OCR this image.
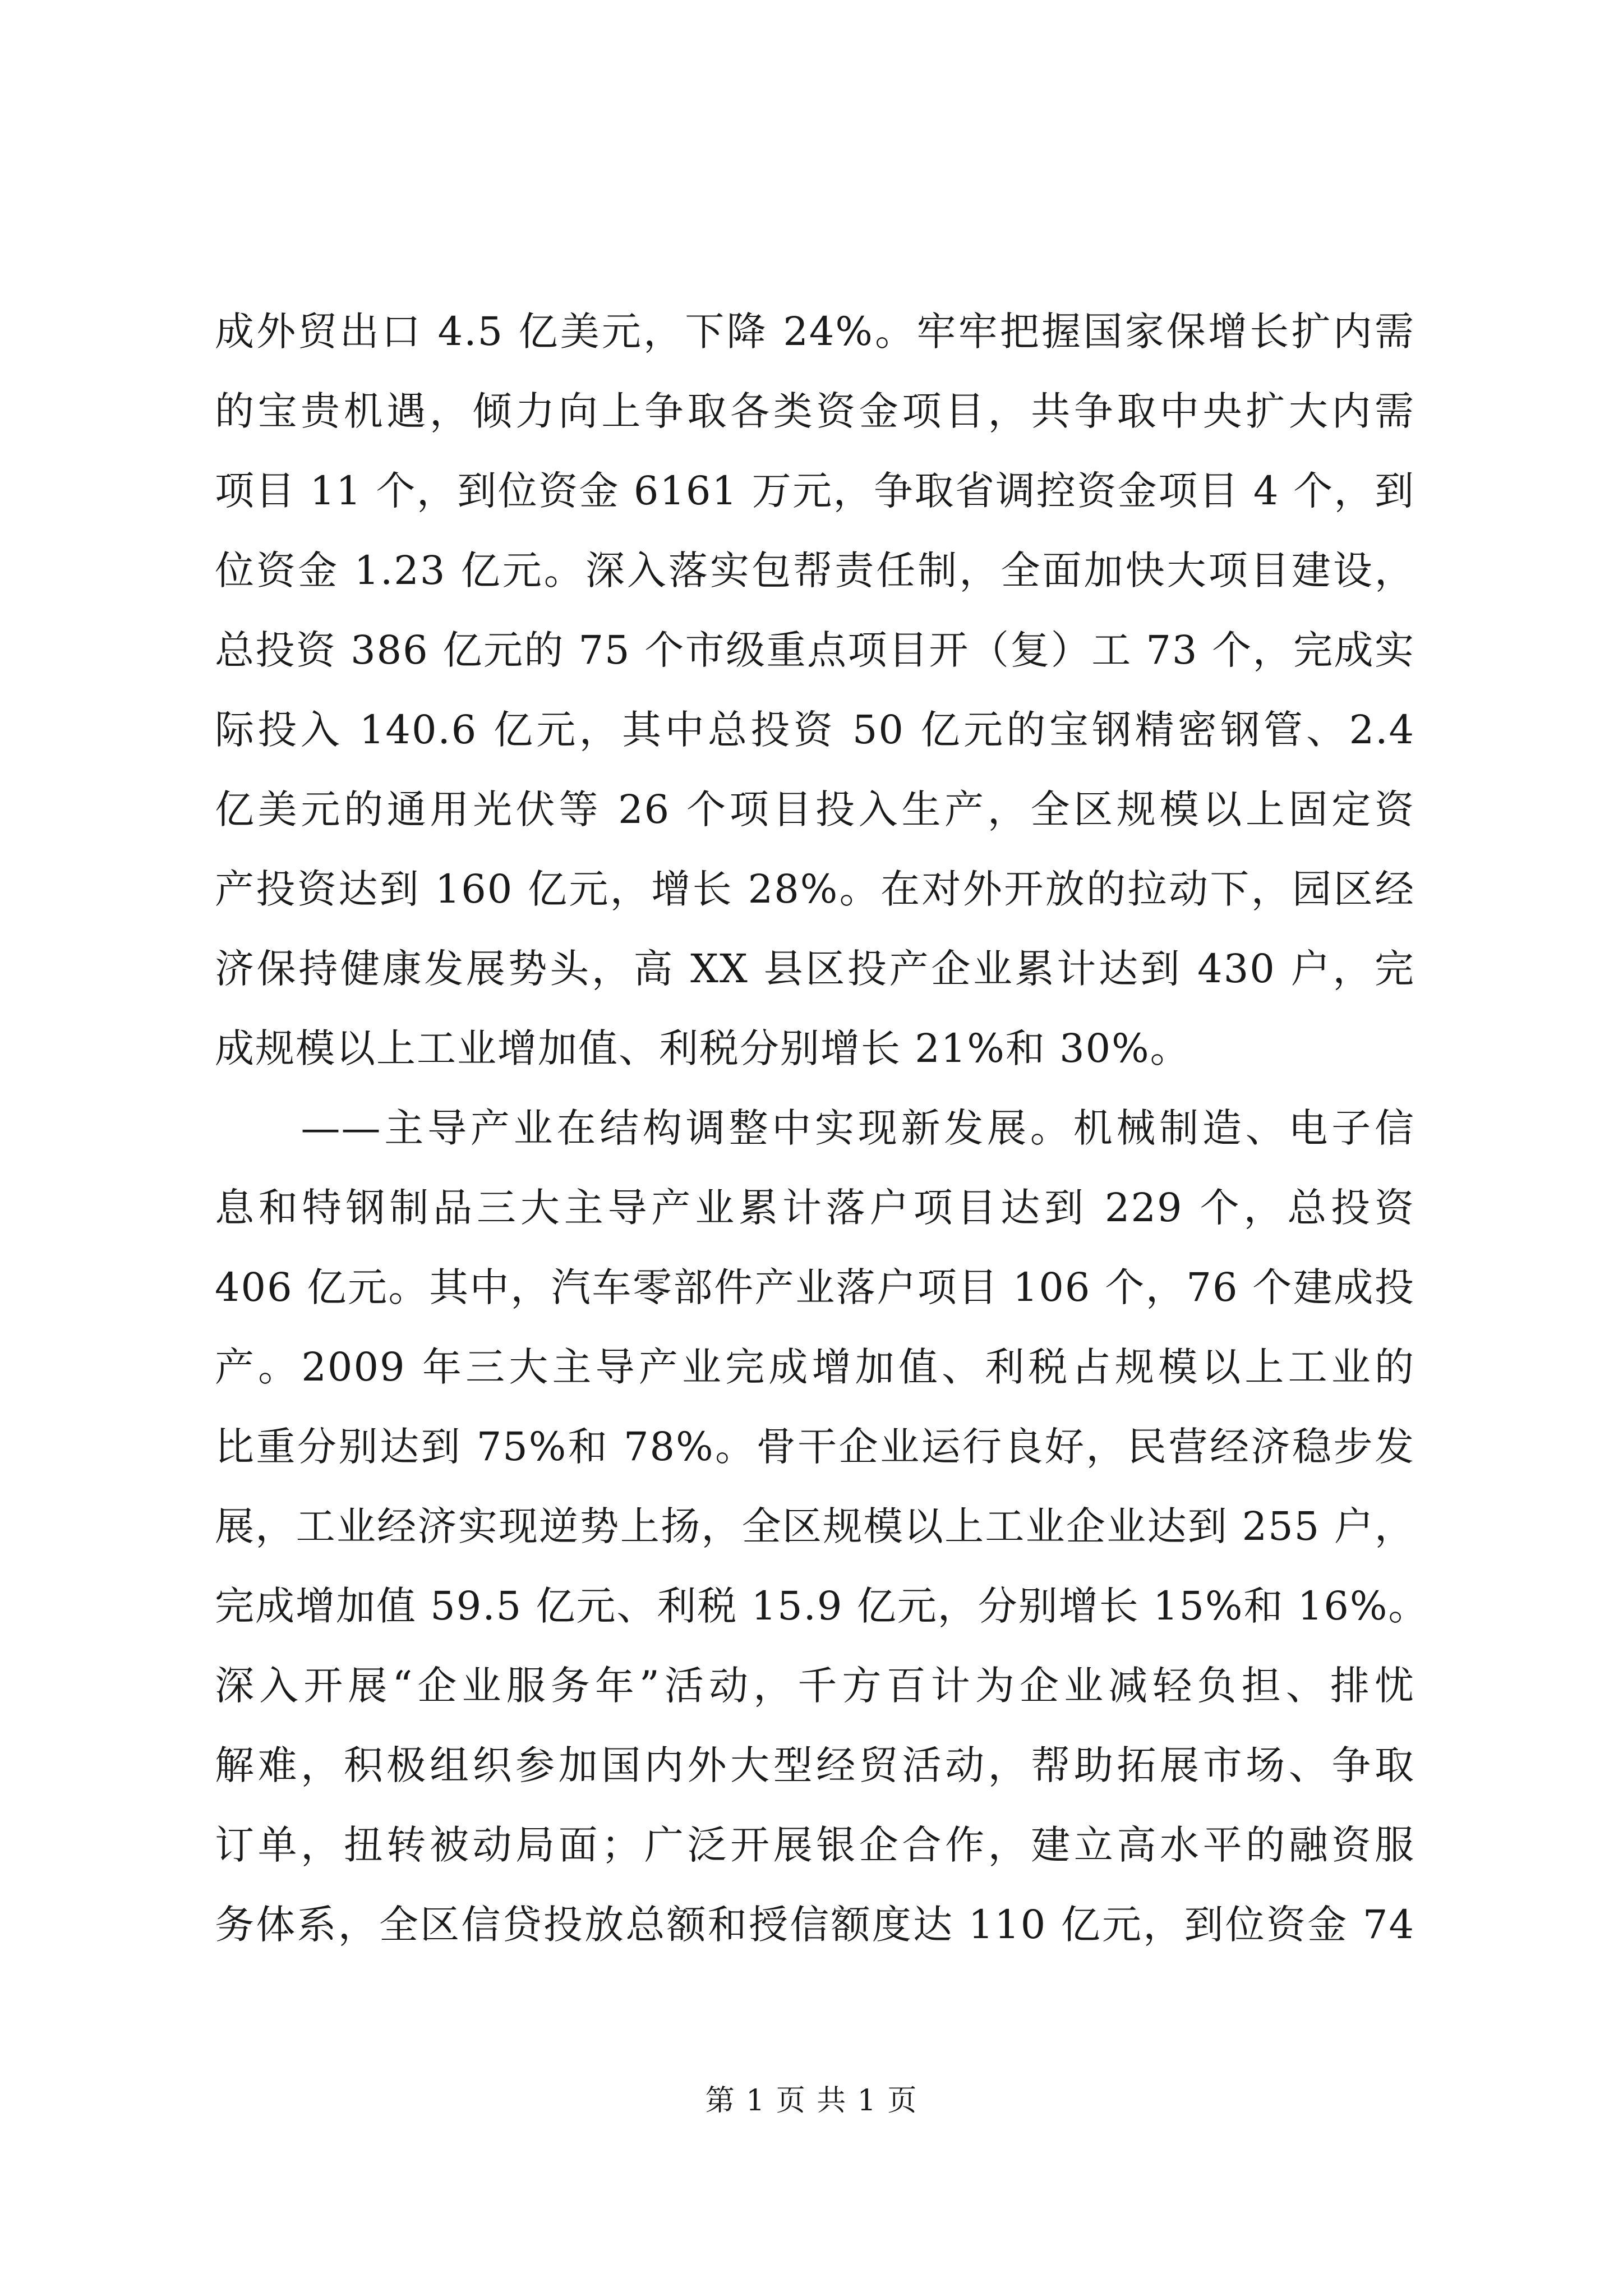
成外贸出口 4.5 亿美元，下降 24%。牢牢把握国家保增长扩内需
的宝贵机遇，倾力向上争取各类资金项目，共争取中央扩大内需
项目 11 个，到位资金 6161 万元，争取省调控资金项目 4 个，到
位资金 1.23 亿元。深入落实包帮责任制，全面加快大项目建设，
总投资 386 亿元的 75 个市级重点项目开（复）工 73 个，完成实
际投入 140.6 亿元，其中总投资 50 亿元的宝钢精密钢管、2.4
亿美元的通用光伏等 26 个项目投入生产，全区规模以上固定资
产投资达到 160 亿元，增长 28%。在对外开放的拉动下，园区经
济保持健康发展势头，高 XX 县区投产企业累计达到 430 户，完
成规模以上工业增加值、利税分别增长 21%和 30%。
　　——主导产业在结构调整中实现新发展。机械制造、电子信
息和特钢制品三大主导产业累计落户项目达到 229 个，总投资
406 亿元。其中，汽车零部件产业落户项目 106 个，76 个建成投
产。2009 年三大主导产业完成增加值、利税占规模以上工业的
比重分别达到 75%和 78%。骨干企业运行良好，民营经济稳步发
展，工业经济实现逆势上扬，全区规模以上工业企业达到 255 户，
完成增加值 59.5 亿元、利税 15.9 亿元，分别增长 15%和 16%。
深入开展“企业服务年”活动，千方百计为企业减轻负担、排忧
解难，积极组织参加国内外大型经贸活动，帮助拓展市场、争取
订单，扭转被动局面；广泛开展银企合作，建立高水平的融资服
务体系，全区信贷投放总额和授信额度达 110 亿元，到位资金 74
第 1 页 共 1 页
